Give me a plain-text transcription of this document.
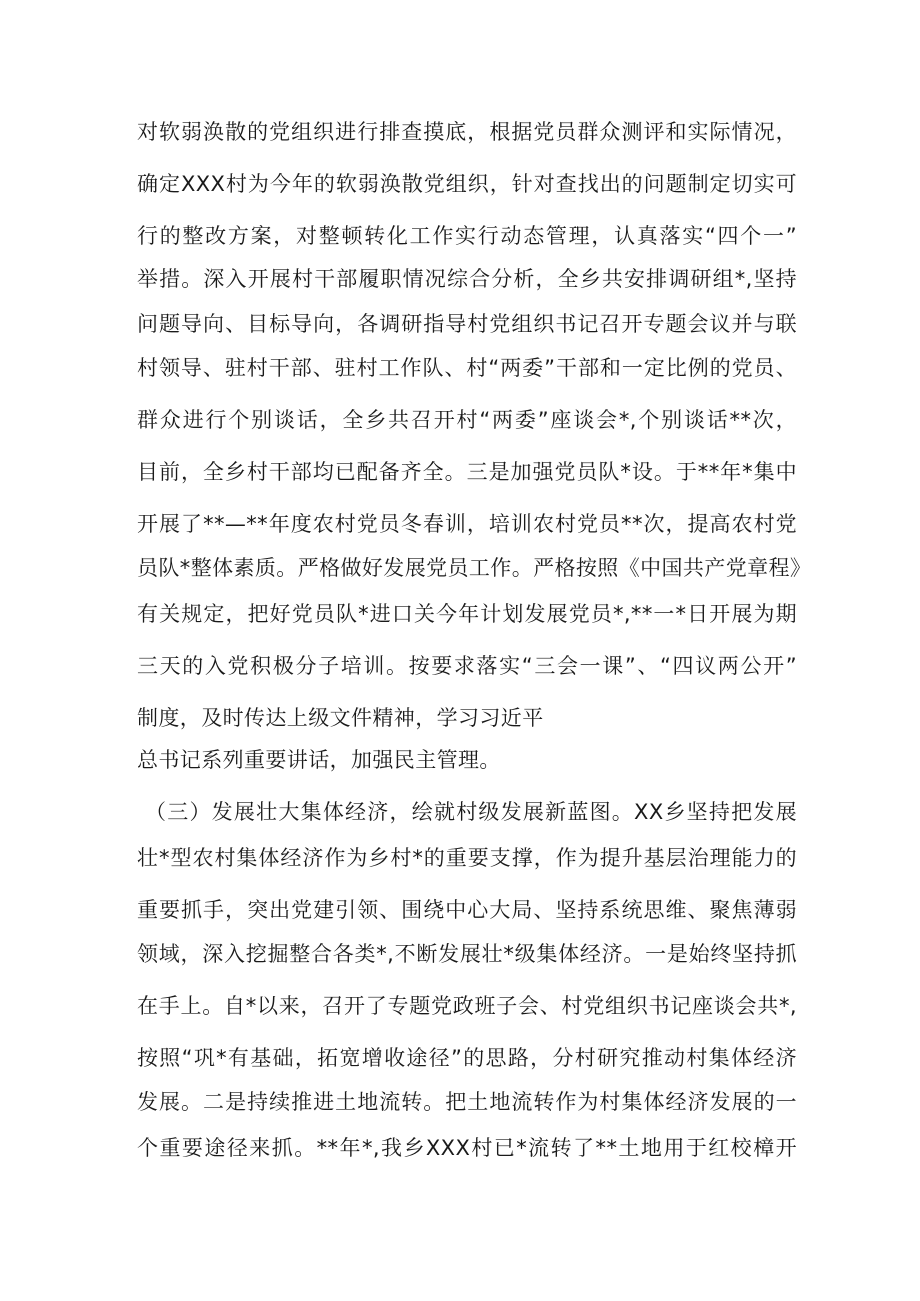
对软弱涣散的党组织进行排查摸底，根据党员群众测评和实际情况，
确定XXX村为今年的软弱涣散党组织，针对查找出的问题制定切实可
行的整改方案，对整顿转化工作实行动态管理，认真落实“四个一”
举措。深入开展村干部履职情况综合分析，全乡共安排调研组*,坚持
问题导向、目标导向，各调研指导村党组织书记召开专题会议并与联
村领导、驻村干部、驻村工作队、村“两委”干部和一定比例的党员、
群众进行个别谈话，全乡共召开村“两委”座谈会*,个别谈话**次，
目前，全乡村干部均已配备齐全。三是加强党员队*设。于**年*集中
开展了**—**年度农村党员冬春训，培训农村党员**次，提高农村党
员队*整体素质。严格做好发展党员工作。严格按照《中国共产党章程》
有关规定，把好党员队*进口关今年计划发展党员*,**一*日开展为期
三天的入党积极分子培训。按要求落实“三会一课”、“四议两公开”
制度，及时传达上级文件精神，学习习近平
总书记系列重要讲话，加强民主管理。
（三）发展壮大集体经济，绘就村级发展新蓝图。XX乡坚持把发展
壮*型农村集体经济作为乡村*的重要支撑，作为提升基层治理能力的
重要抓手，突出党建引领、围绕中心大局、坚持系统思维、聚焦薄弱
领域，深入挖掘整合各类*,不断发展壮*级集体经济。一是始终坚持抓
在手上。自*以来，召开了专题党政班子会、村党组织书记座谈会共*,
按照“巩*有基础，拓宽增收途径”的思路，分村研究推动村集体经济
发展。二是持续推进土地流转。把土地流转作为村集体经济发展的一
个重要途径来抓。**年*,我乡XXX村已*流转了**土地用于红校樟开
